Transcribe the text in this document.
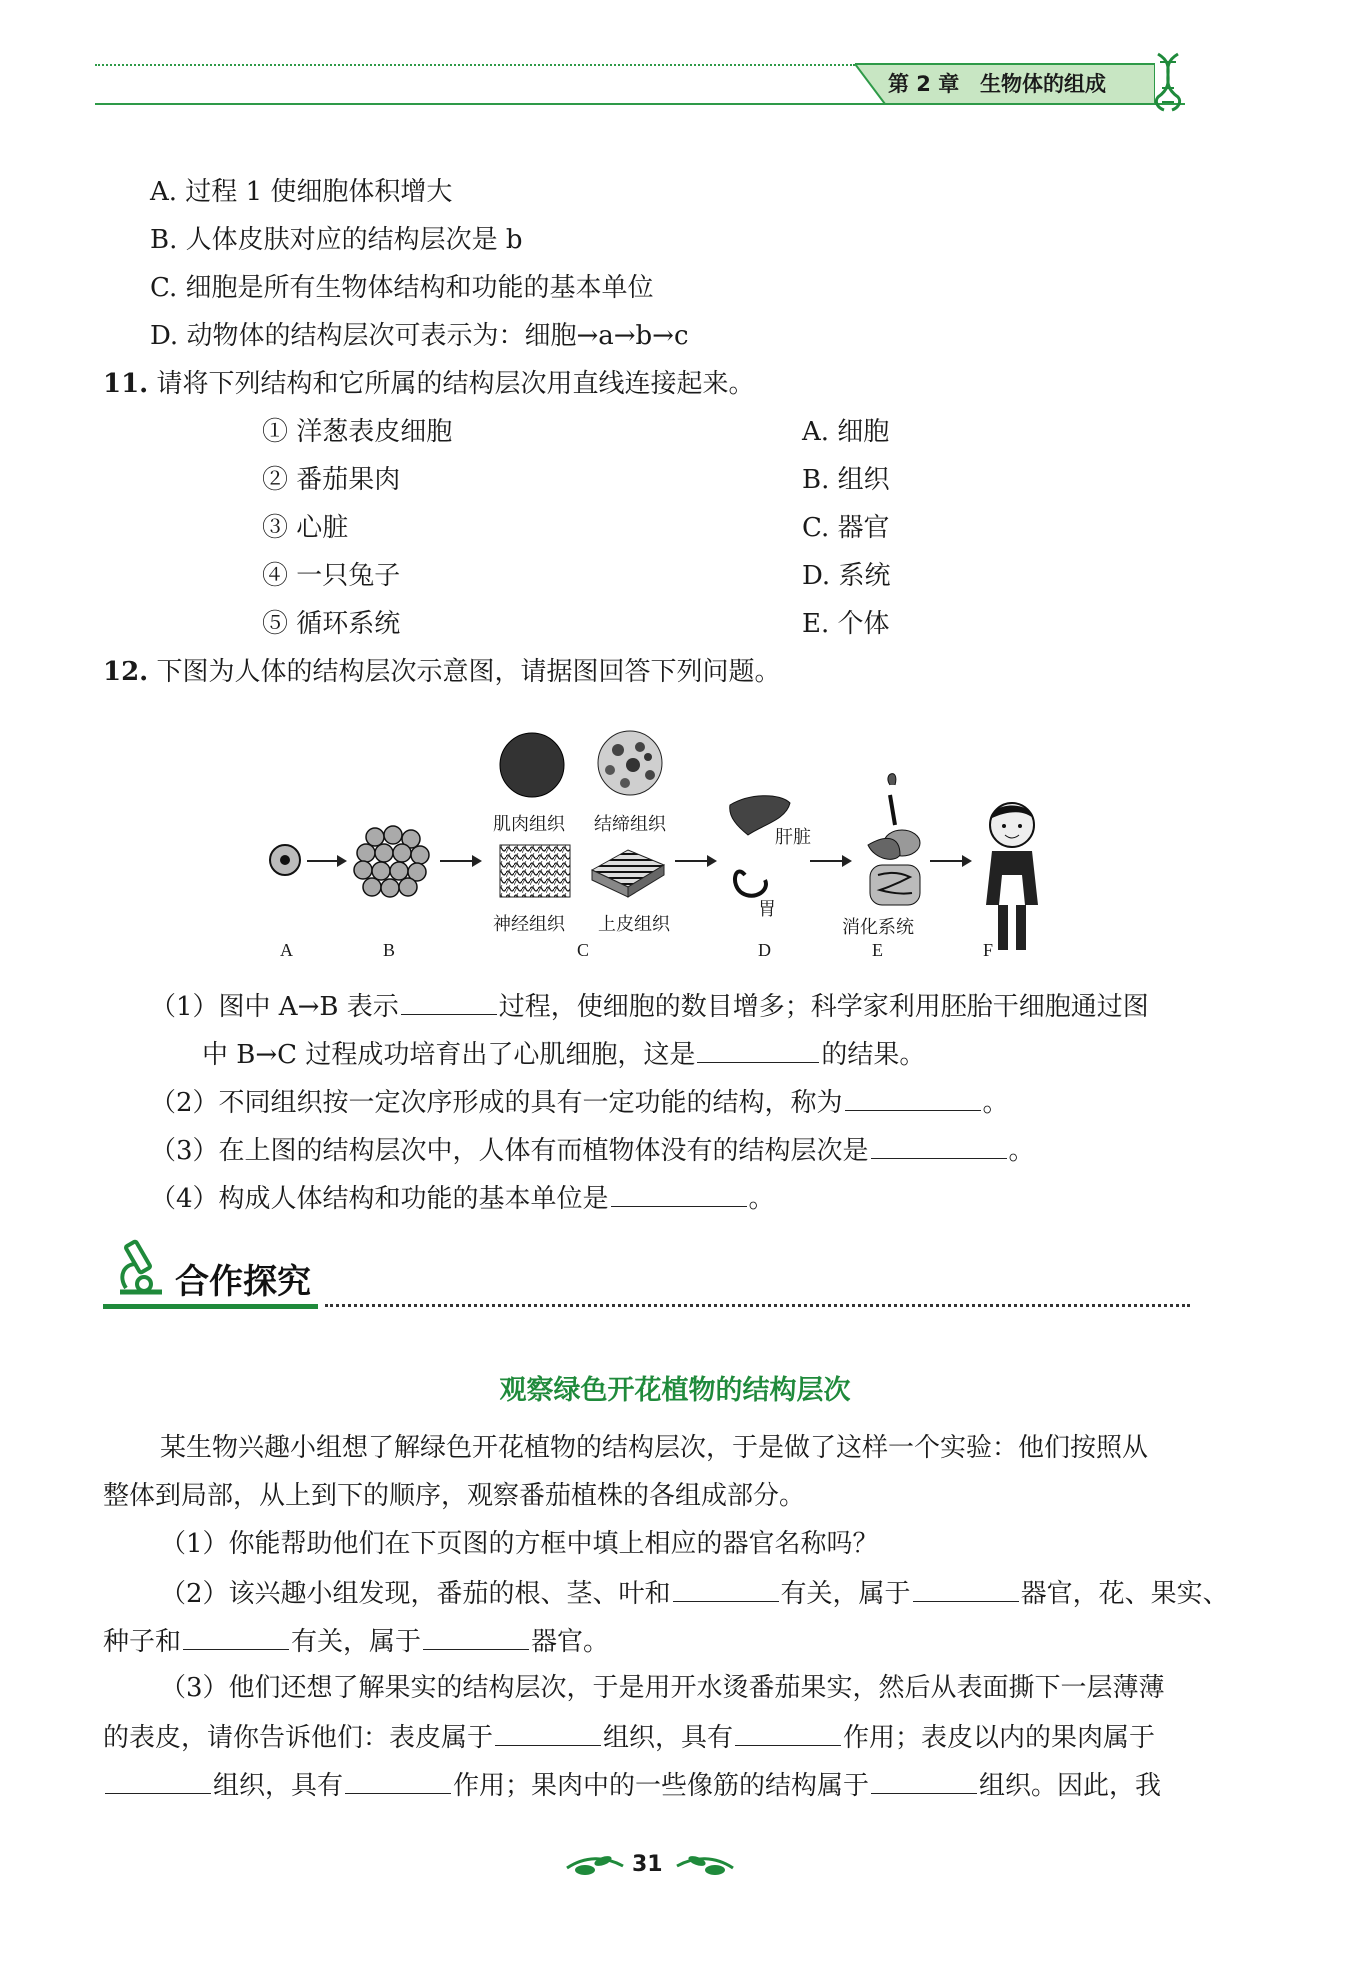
第 2 章 生物体的组成
A. 过程 1 使细胞体积增大
B. 人体皮肤对应的结构层次是 b
C. 细胞是所有生物体结构和功能的基本单位
D. 动物体的结构层次可表示为：细胞→a→b→c
11. 请将下列结构和它所属的结构层次用直线连接起来。
① 洋葱表皮细胞
② 番茄果肉
③ 心脏
④ 一只兔子
⑤ 循环系统
A. 细胞
B. 组织
C. 器官
D. 系统
E. 个体
12. 下图为人体的结构层次示意图，请据图回答下列问题。
肌肉组织 结缔组织
神经组织 上皮组织
肝脏
胃
消化系统
A	B	C	D	E	F
（1）图中 A→B 表示	过程，使细胞的数目增多；科学家利用胚胎干细胞通过图
中 B→C 过程成功培育出了心肌细胞，这是	的结果。
（2）不同组织按一定次序形成的具有一定功能的结构，称为	。
（3）在上图的结构层次中，人体有而植物体没有的结构层次是	。
（4）构成人体结构和功能的基本单位是	。
合作探究
观察绿色开花植物的结构层次
某生物兴趣小组想了解绿色开花植物的结构层次，于是做了这样一个实验：他们按照从
整体到局部，从上到下的顺序，观察番茄植株的各组成部分。
（1）你能帮助他们在下页图的方框中填上相应的器官名称吗？
（2）该兴趣小组发现，番茄的根、茎、叶和	有关，属于	器官，花、果实、
种子和	有关，属于	器官。
（3）他们还想了解果实的结构层次，于是用开水烫番茄果实，然后从表面撕下一层薄薄
的表皮，请你告诉他们：表皮属于	组织，具有	作用；表皮以内的果肉属于
组织，具有	作用；果肉中的一些像筋的结构属于	组织。因此，我
31
